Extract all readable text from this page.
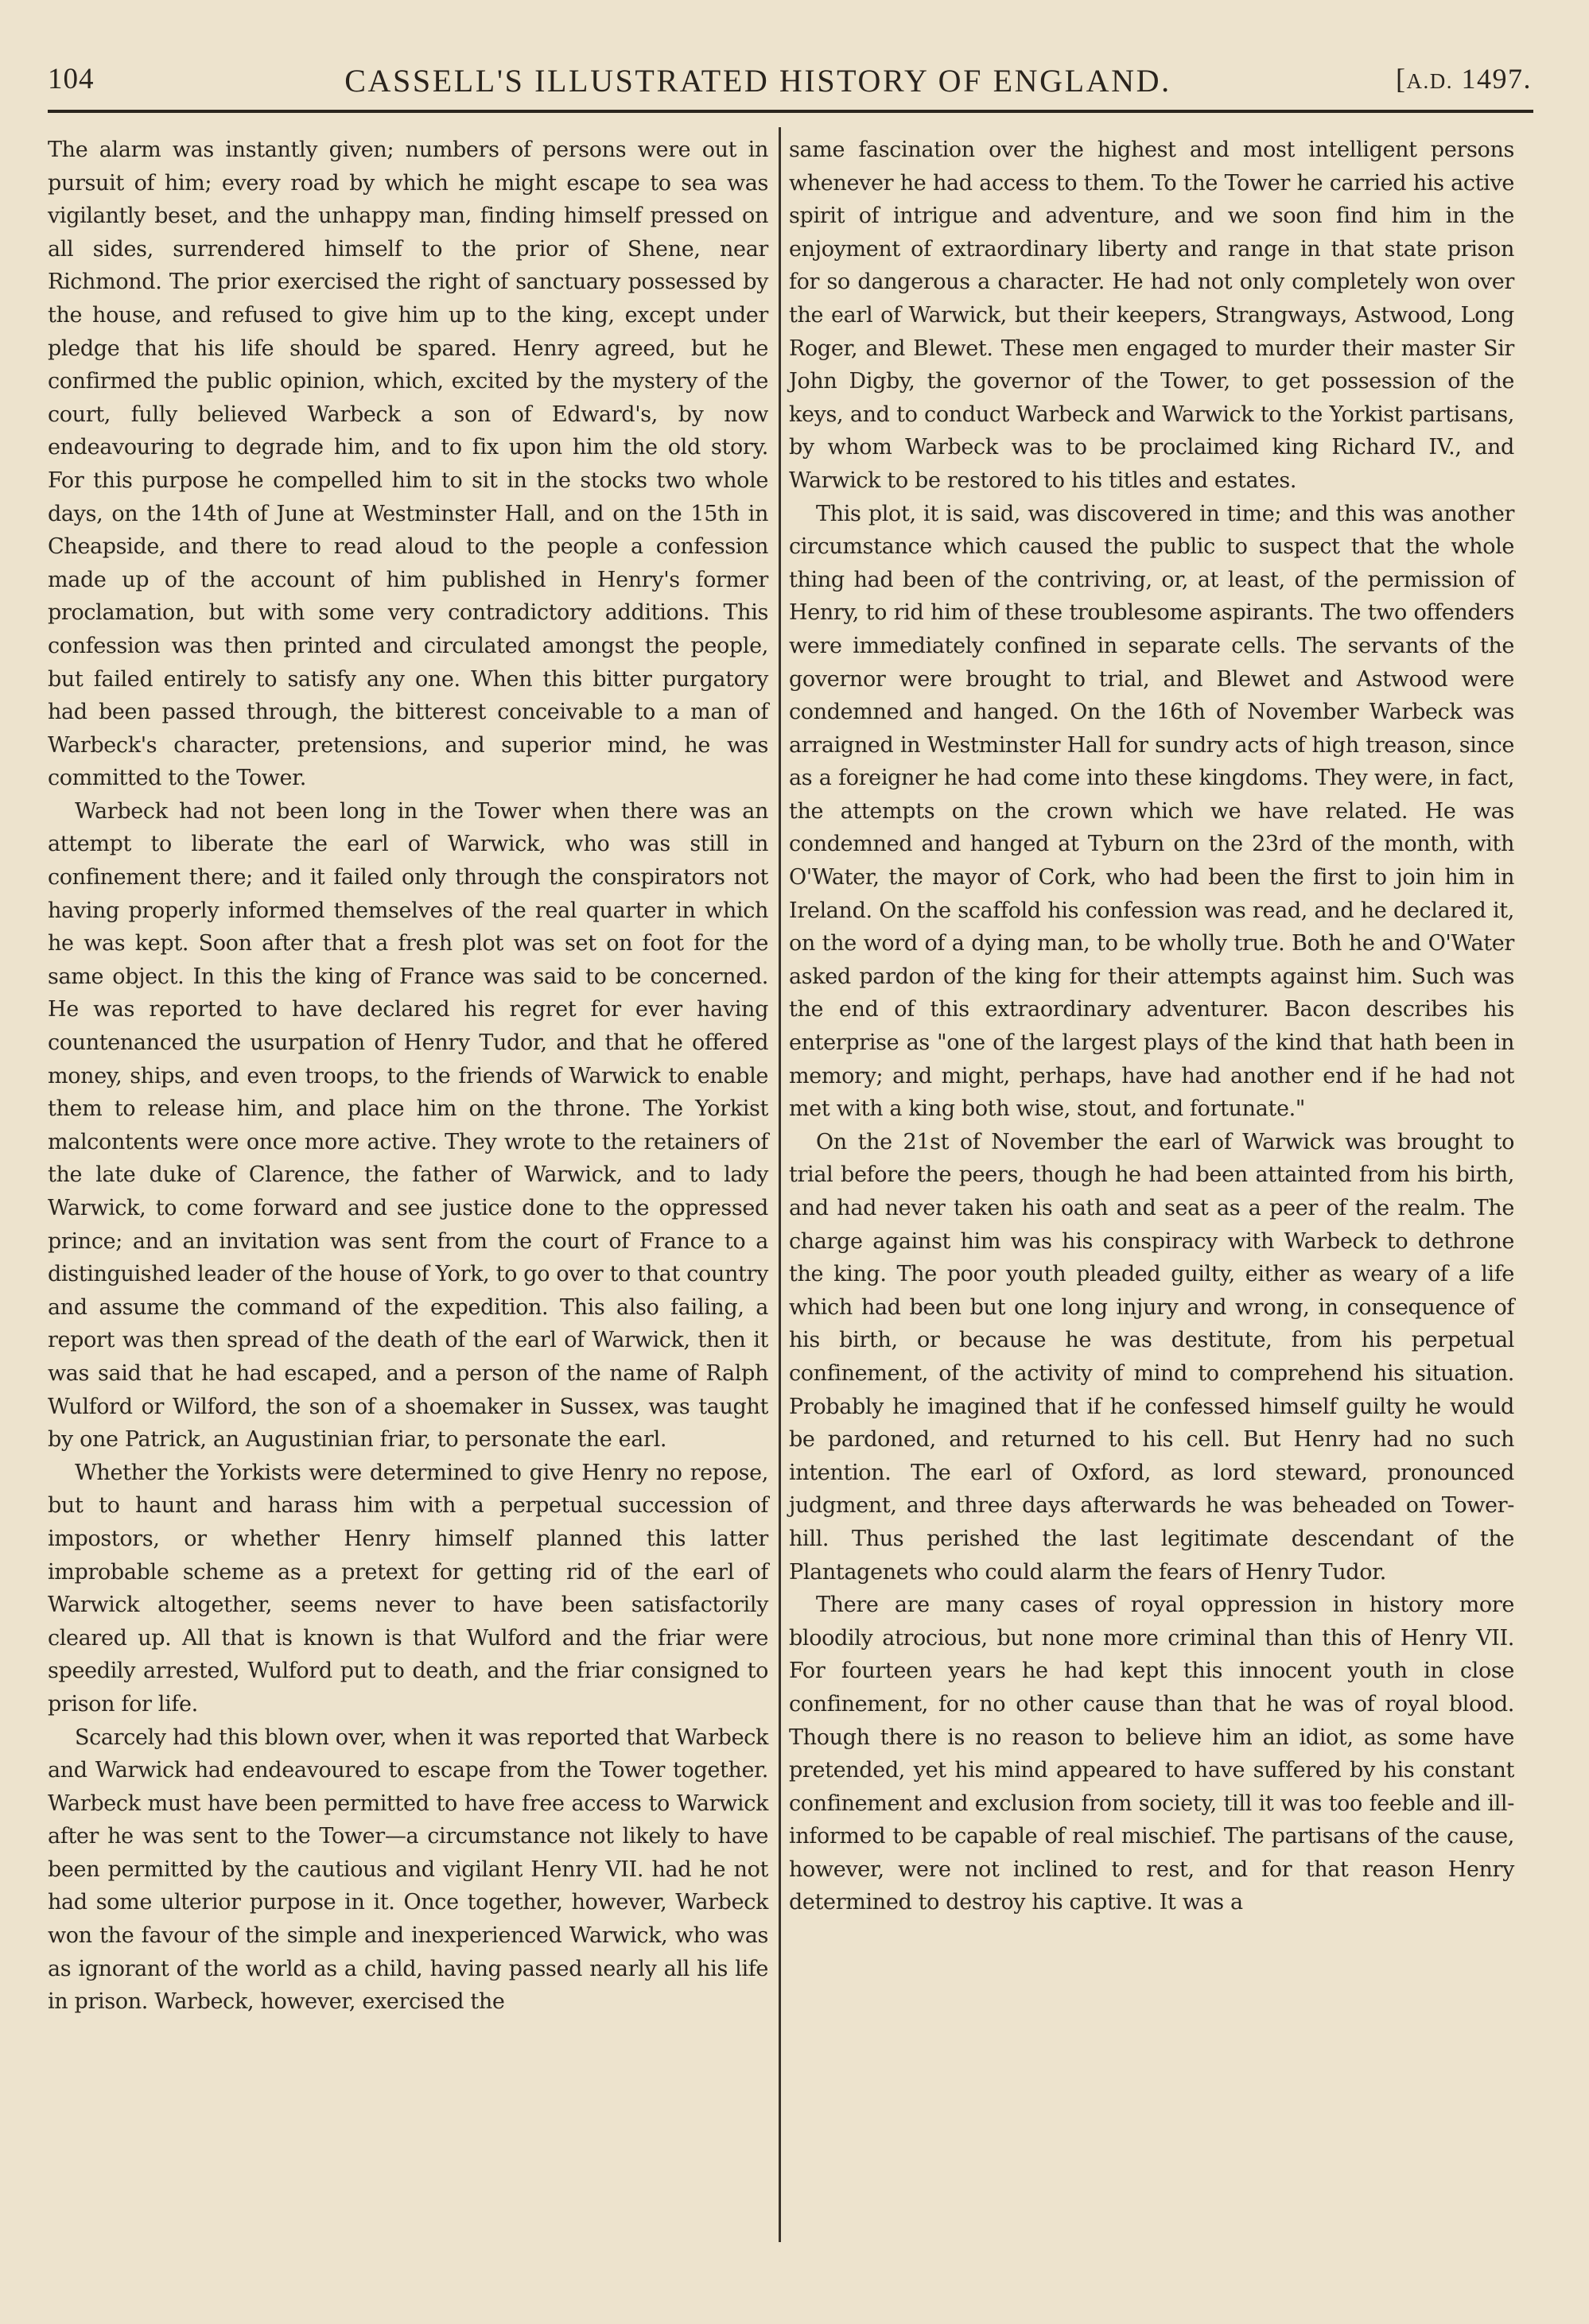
104	CASSELL'S ILLUSTRATED HISTORY OF ENGLAND.	[A.D. 1497.

The alarm was instantly given; numbers of persons were out in pursuit of him; every road by which he might escape to sea was vigilantly beset, and the unhappy man, finding himself pressed on all sides, surrendered himself to the prior of Shene, near Richmond. The prior exercised the right of sanctuary possessed by the house, and refused to give him up to the king, except under pledge that his life should be spared. Henry agreed, but he confirmed the public opinion, which, excited by the mystery of the court, fully believed Warbeck a son of Edward's, by now endeavouring to degrade him, and to fix upon him the old story. For this purpose he compelled him to sit in the stocks two whole days, on the 14th of June at Westminster Hall, and on the 15th in Cheapside, and there to read aloud to the people a confession made up of the account of him published in Henry's former proclamation, but with some very contradictory additions. This confession was then printed and circulated amongst the people, but failed entirely to satisfy any one. When this bitter purgatory had been passed through, the bitterest conceivable to a man of Warbeck's character, pretensions, and superior mind, he was committed to the Tower.

Warbeck had not been long in the Tower when there was an attempt to liberate the earl of Warwick, who was still in confinement there; and it failed only through the conspirators not having properly informed themselves of the real quarter in which he was kept. Soon after that a fresh plot was set on foot for the same object. In this the king of France was said to be concerned. He was reported to have declared his regret for ever having countenanced the usurpation of Henry Tudor, and that he offered money, ships, and even troops, to the friends of Warwick to enable them to release him, and place him on the throne. The Yorkist malcontents were once more active. They wrote to the retainers of the late duke of Clarence, the father of Warwick, and to lady Warwick, to come forward and see justice done to the oppressed prince; and an invitation was sent from the court of France to a distinguished leader of the house of York, to go over to that country and assume the command of the expedition. This also failing, a report was then spread of the death of the earl of Warwick, then it was said that he had escaped, and a person of the name of Ralph Wulford or Wilford, the son of a shoemaker in Sussex, was taught by one Patrick, an Augustinian friar, to personate the earl.

Whether the Yorkists were determined to give Henry no repose, but to haunt and harass him with a perpetual succession of impostors, or whether Henry himself planned this latter improbable scheme as a pretext for getting rid of the earl of Warwick altogether, seems never to have been satisfactorily cleared up. All that is known is that Wulford and the friar were speedily arrested, Wulford put to death, and the friar consigned to prison for life.

Scarcely had this blown over, when it was reported that Warbeck and Warwick had endeavoured to escape from the Tower together. Warbeck must have been permitted to have free access to Warwick after he was sent to the Tower—a circumstance not likely to have been permitted by the cautious and vigilant Henry VII. had he not had some ulterior purpose in it. Once together, however, Warbeck won the favour of the simple and inexperienced Warwick, who was as ignorant of the world as a child, having passed nearly all his life in prison. Warbeck, however, exercised the

same fascination over the highest and most intelligent persons whenever he had access to them. To the Tower he carried his active spirit of intrigue and adventure, and we soon find him in the enjoyment of extraordinary liberty and range in that state prison for so dangerous a character. He had not only completely won over the earl of Warwick, but their keepers, Strangways, Astwood, Long Roger, and Blewet. These men engaged to murder their master Sir John Digby, the governor of the Tower, to get possession of the keys, and to conduct Warbeck and Warwick to the Yorkist partisans, by whom Warbeck was to be proclaimed king Richard IV., and Warwick to be restored to his titles and estates.

This plot, it is said, was discovered in time; and this was another circumstance which caused the public to suspect that the whole thing had been of the contriving, or, at least, of the permission of Henry, to rid him of these troublesome aspirants. The two offenders were immediately confined in separate cells. The servants of the governor were brought to trial, and Blewet and Astwood were condemned and hanged. On the 16th of November Warbeck was arraigned in Westminster Hall for sundry acts of high treason, since as a foreigner he had come into these kingdoms. They were, in fact, the attempts on the crown which we have related. He was condemned and hanged at Tyburn on the 23rd of the month, with O'Water, the mayor of Cork, who had been the first to join him in Ireland. On the scaffold his confession was read, and he declared it, on the word of a dying man, to be wholly true. Both he and O'Water asked pardon of the king for their attempts against him. Such was the end of this extraordinary adventurer. Bacon describes his enterprise as "one of the largest plays of the kind that hath been in memory; and might, perhaps, have had another end if he had not met with a king both wise, stout, and fortunate."

On the 21st of November the earl of Warwick was brought to trial before the peers, though he had been attainted from his birth, and had never taken his oath and seat as a peer of the realm. The charge against him was his conspiracy with Warbeck to dethrone the king. The poor youth pleaded guilty, either as weary of a life which had been but one long injury and wrong, in consequence of his birth, or because he was destitute, from his perpetual confinement, of the activity of mind to comprehend his situation. Probably he imagined that if he confessed himself guilty he would be pardoned, and returned to his cell. But Henry had no such intention. The earl of Oxford, as lord steward, pronounced judgment, and three days afterwards he was beheaded on Tower-hill. Thus perished the last legitimate descendant of the Plantagenets who could alarm the fears of Henry Tudor.

There are many cases of royal oppression in history more bloodily atrocious, but none more criminal than this of Henry VII. For fourteen years he had kept this innocent youth in close confinement, for no other cause than that he was of royal blood. Though there is no reason to believe him an idiot, as some have pretended, yet his mind appeared to have suffered by his constant confinement and exclusion from society, till it was too feeble and ill-informed to be capable of real mischief. The partisans of the cause, however, were not inclined to rest, and for that reason Henry determined to destroy his captive. It was a
